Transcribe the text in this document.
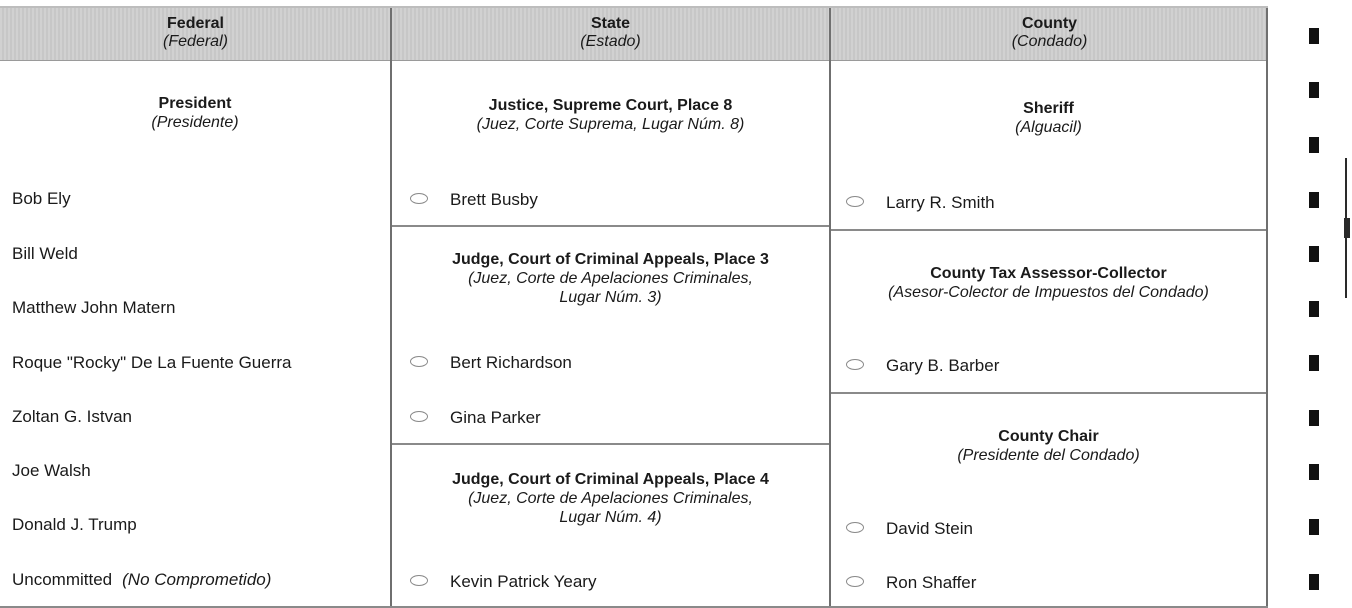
Federal
(Federal)
State
(Estado)
County
(Condado)
President
(Presidente)
Bob Ely
Bill Weld
Matthew John Matern
Roque "Rocky" De La Fuente Guerra
Zoltan G. Istvan
Joe Walsh
Donald J. Trump
Uncommitted (No Comprometido)
Justice, Supreme Court, Place 8
(Juez, Corte Suprema, Lugar Núm. 8)
Brett Busby
Judge, Court of Criminal Appeals, Place 3
(Juez, Corte de Apelaciones Criminales,
Lugar Núm. 3)
Bert Richardson
Gina Parker
Judge, Court of Criminal Appeals, Place 4
(Juez, Corte de Apelaciones Criminales,
Lugar Núm. 4)
Kevin Patrick Yeary
Sheriff
(Alguacil)
Larry R. Smith
County Tax Assessor-Collector
(Asesor-Colector de Impuestos del Condado)
Gary B. Barber
County Chair
(Presidente del Condado)
David Stein
Ron Shaffer
